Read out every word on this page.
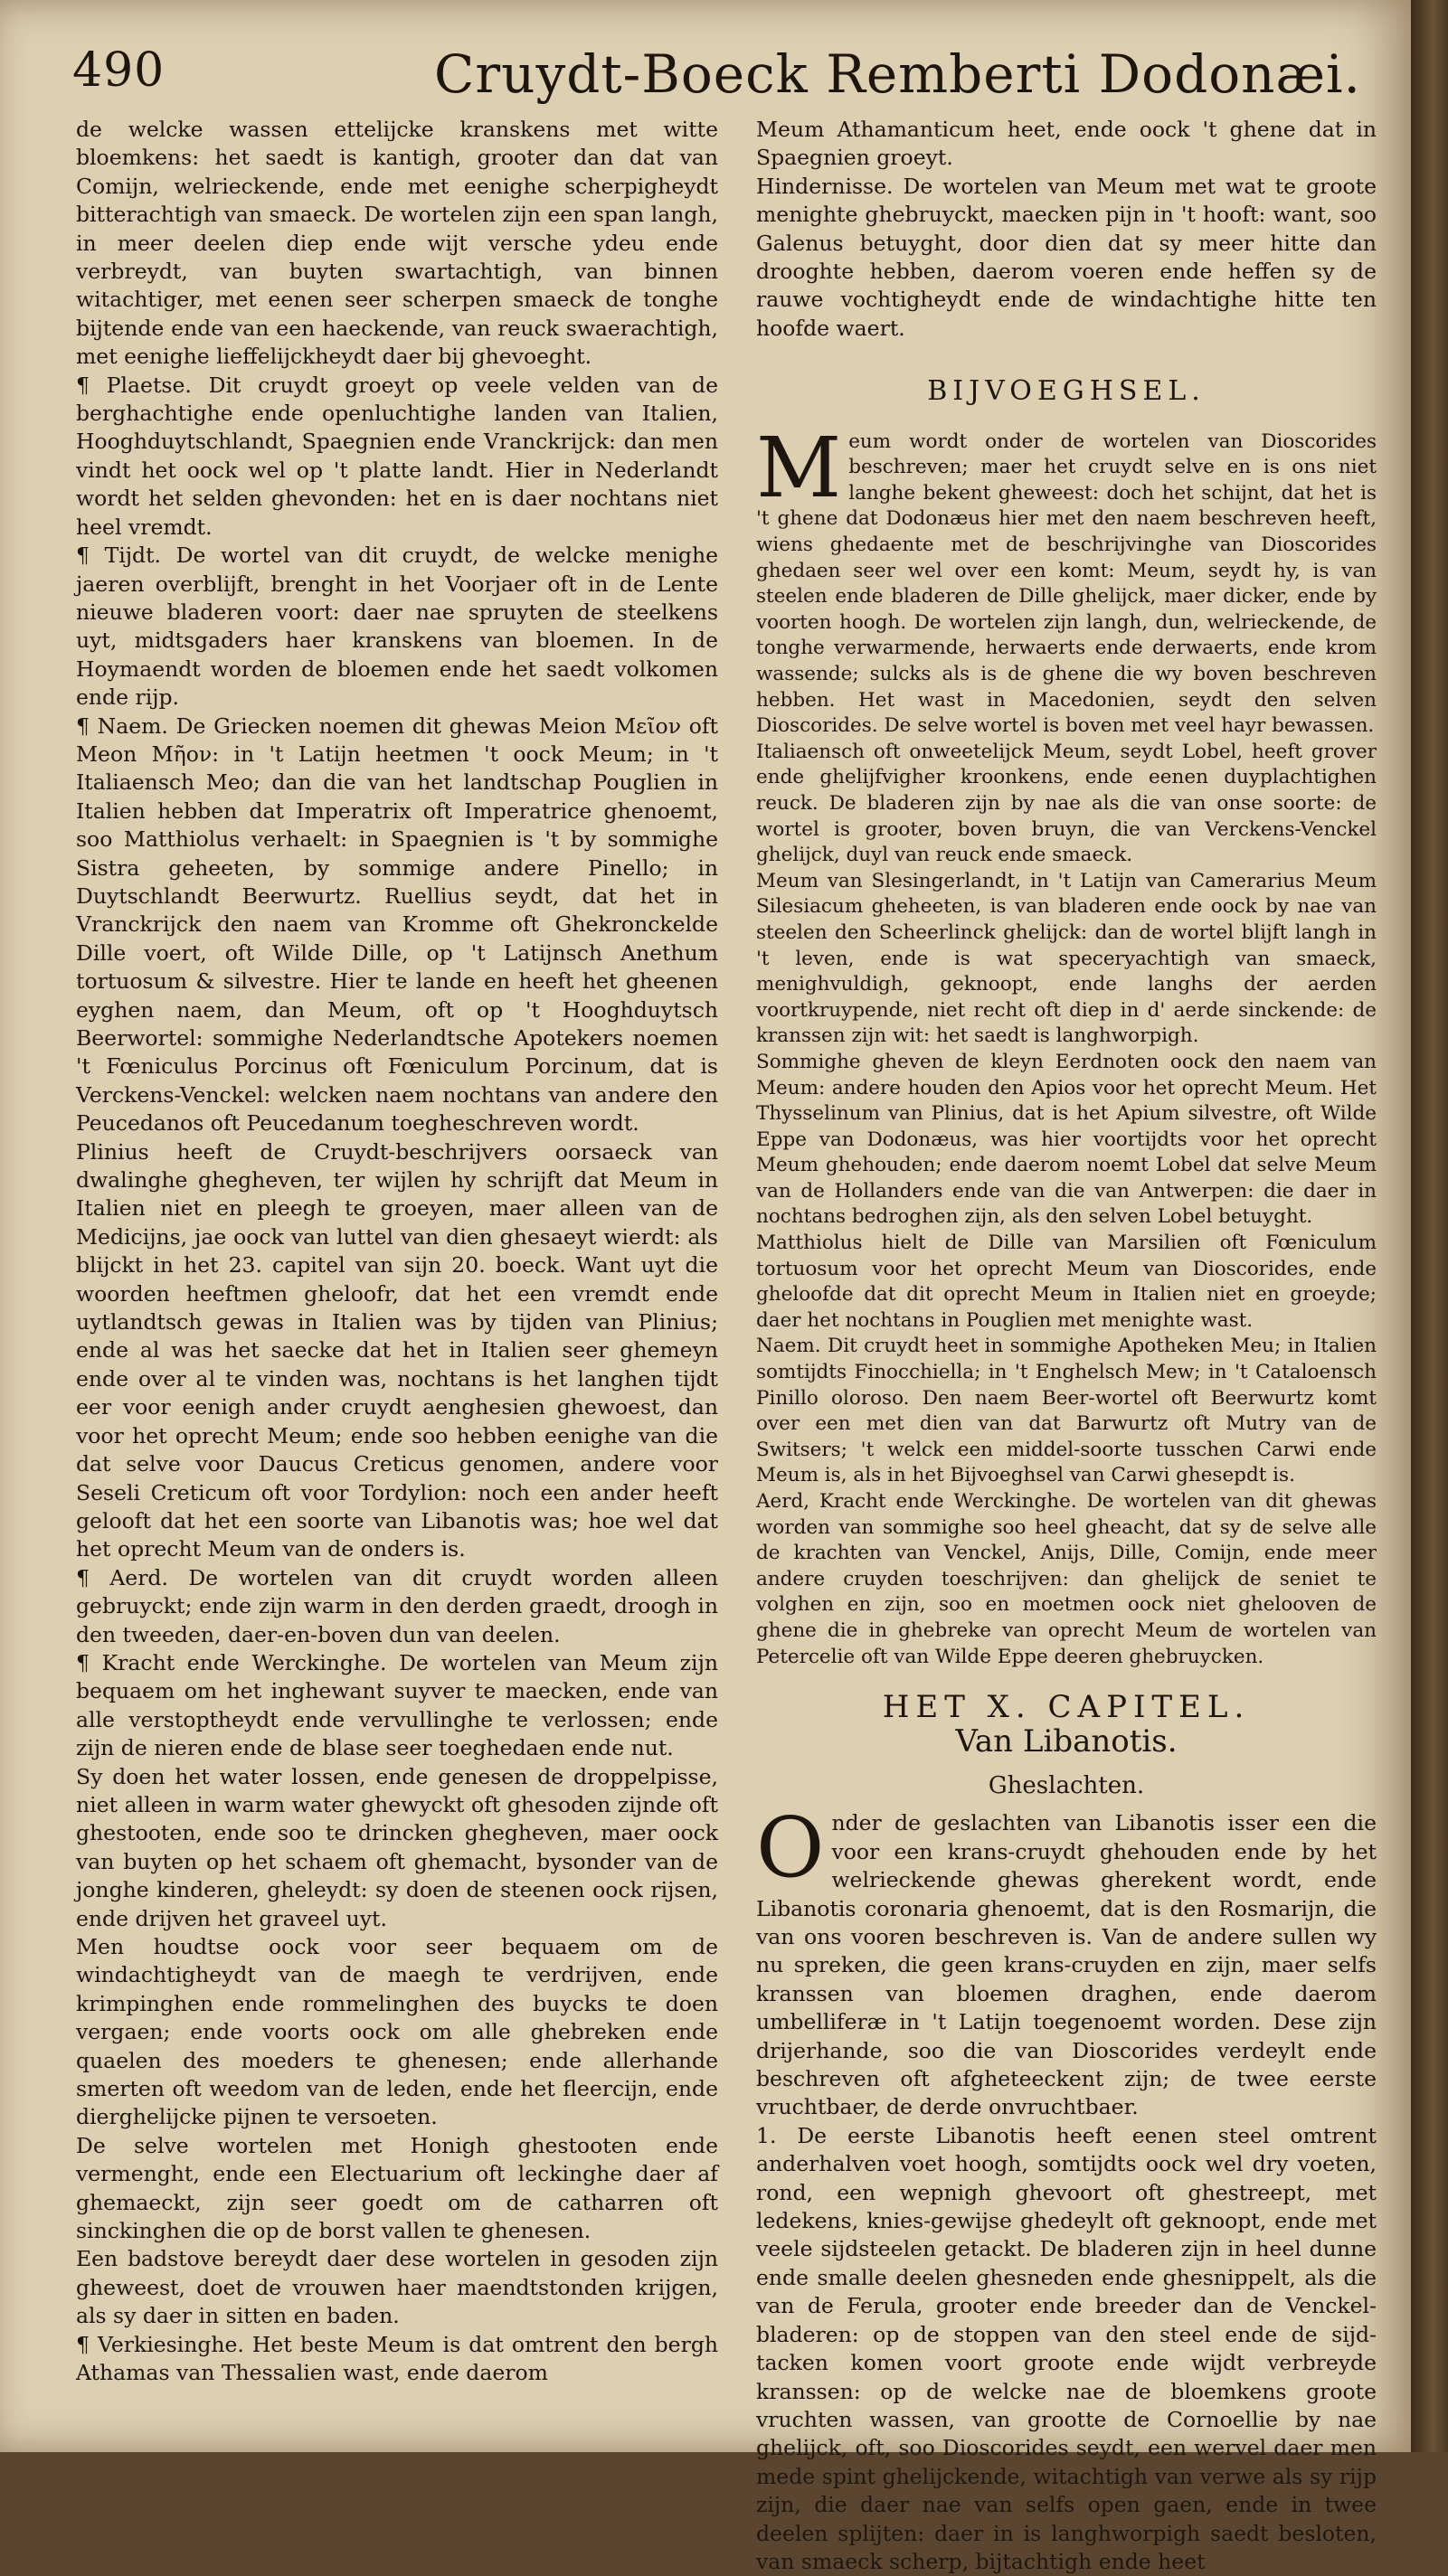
490	Cruydt-Boeck Remberti Dodonæi.

de welcke wassen ettelijcke kranskens met witte bloemkens: het saedt is kantigh, grooter dan dat van Comijn, welrieckende, ende met eenighe scherpigheydt bitterachtigh van smaeck. De wortelen zijn een span langh, in meer deelen diep ende wijt versche ydeu ende verbreydt, van buyten swartachtigh, van binnen witachtiger, met eenen seer scherpen smaeck de tonghe bijtende ende van een haeckende, van reuck swaerachtigh, met eenighe lieffelijckheydt daer bij ghevoeght.

¶ Plaetse. Dit cruydt groeyt op veele velden van de berghachtighe ende openluchtighe landen van Italien, Hooghduytschlandt, Spaegnien ende Vranckrijck: dan men vindt het oock wel op 't platte landt. Hier in Nederlandt wordt het selden ghevonden: het en is daer nochtans niet heel vremdt.

¶ Tijdt. De wortel van dit cruydt, de welcke menighe jaeren overblijft, brenght in het Voorjaer oft in de Lente nieuwe bladeren voort: daer nae spruyten de steelkens uyt, midtsgaders haer kranskens van bloemen. In de Hoymaendt worden de bloemen ende het saedt volkomen ende rijp.

¶ Naem. De Griecken noemen dit ghewas Meion Μεῖον oft Meon Μῆον: in 't Latijn heetmen 't oock Meum; in 't Italiaensch Meo; dan die van het landtschap Pouglien in Italien hebben dat Imperatrix oft Imperatrice ghenoemt, soo Matthiolus verhaelt: in Spaegnien is 't by sommighe Sistra geheeten, by sommige andere Pinello; in Duytschlandt Beerwurtz. Ruellius seydt, dat het in Vranckrijck den naem van Kromme oft Ghekronckelde Dille voert, oft Wilde Dille, op 't Latijnsch Anethum tortuosum & silvestre. Hier te lande en heeft het gheenen eyghen naem, dan Meum, oft op 't Hooghduytsch Beerwortel: sommighe Nederlandtsche Apotekers noemen 't Fœniculus Porcinus oft Fœniculum Porcinum, dat is Verckens-Venckel: welcken naem nochtans van andere den Peucedanos oft Peucedanum toegheschreven wordt.

Plinius heeft de Cruydt-beschrijvers oorsaeck van dwalinghe ghegheven, ter wijlen hy schrijft dat Meum in Italien niet en pleegh te groeyen, maer alleen van de Medicijns, jae oock van luttel van dien ghesaeyt wierdt: als blijckt in het 23. capitel van sijn 20. boeck. Want uyt die woorden heeftmen gheloofr, dat het een vremdt ende uytlandtsch gewas in Italien was by tijden van Plinius; ende al was het saecke dat het in Italien seer ghemeyn ende over al te vinden was, nochtans is het langhen tijdt eer voor eenigh ander cruydt aenghesien ghewoest, dan voor het oprecht Meum; ende soo hebben eenighe van die dat selve voor Daucus Creticus genomen, andere voor Seseli Creticum oft voor Tordylion: noch een ander heeft gelooft dat het een soorte van Libanotis was; hoe wel dat het oprecht Meum van de onders is.

¶ Aerd. De wortelen van dit cruydt worden alleen gebruyckt; ende zijn warm in den derden graedt, droogh in den tweeden, daer-en-boven dun van deelen.

¶ Kracht ende Werckinghe. De wortelen van Meum zijn bequaem om het inghewant suyver te maecken, ende van alle verstoptheydt ende vervullinghe te verlossen; ende zijn de nieren ende de blase seer toeghedaen ende nut.

Sy doen het water lossen, ende genesen de droppelpisse, niet alleen in warm water ghewyckt oft ghesoden zijnde oft ghestooten, ende soo te drincken ghegheven, maer oock van buyten op het schaem oft ghemacht, bysonder van de jonghe kinderen, gheleydt: sy doen de steenen oock rijsen, ende drijven het graveel uyt.

Men houdtse oock voor seer bequaem om de windachtigheydt van de maegh te verdrijven, ende krimpinghen ende rommelinghen des buycks te doen vergaen; ende voorts oock om alle ghebreken ende quaelen des moeders te ghenesen; ende allerhande smerten oft weedom van de leden, ende het fleercijn, ende dierghelijcke pijnen te versoeten.

De selve wortelen met Honigh ghestooten ende vermenght, ende een Electuarium oft leckinghe daer af ghemaeckt, zijn seer goedt om de catharren oft sinckinghen die op de borst vallen te ghenesen.

Een badstove bereydt daer dese wortelen in gesoden zijn gheweest, doet de vrouwen haer maendtstonden krijgen, als sy daer in sitten en baden.

¶ Verkiesinghe. Het beste Meum is dat omtrent den bergh Athamas van Thessalien wast, ende daerom

Meum Athamanticum heet, ende oock 't ghene dat in Spaegnien groeyt.

Hindernisse. De wortelen van Meum met wat te groote menighte ghebruyckt, maecken pijn in 't hooft: want, soo Galenus betuyght, door dien dat sy meer hitte dan drooghte hebben, daerom voeren ende heffen sy de rauwe vochtigheydt ende de windachtighe hitte ten hoofde waert.

BIJVOEGHSEL.

Meum wordt onder de wortelen van Dioscorides beschreven; maer het cruydt selve en is ons niet langhe bekent gheweest: doch het schijnt, dat het is 't ghene dat Dodonæus hier met den naem beschreven heeft, wiens ghedaente met de beschrijvinghe van Dioscorides ghedaen seer wel over een komt: Meum, seydt hy, is van steelen ende bladeren de Dille ghelijck, maer dicker, ende by voorten hoogh. De wortelen zijn langh, dun, welrieckende, de tonghe verwarmende, herwaerts ende derwaerts, ende krom wassende; sulcks als is de ghene die wy boven beschreven hebben. Het wast in Macedonien, seydt den selven Dioscorides. De selve wortel is boven met veel hayr bewassen.

Italiaensch oft onweetelijck Meum, seydt Lobel, heeft grover ende ghelijfvigher kroonkens, ende eenen duyplachtighen reuck. De bladeren zijn by nae als die van onse soorte: de wortel is grooter, boven bruyn, die van Verckens-Venckel ghelijck, duyl van reuck ende smaeck.

Meum van Slesingerlandt, in 't Latijn van Camerarius Meum Silesiacum gheheeten, is van bladeren ende oock by nae van steelen den Scheerlinck ghelijck: dan de wortel blijft langh in 't leven, ende is wat speceryachtigh van smaeck, menighvuldigh, geknoopt, ende langhs der aerden voortkruypende, niet recht oft diep in d' aerde sinckende: de kranssen zijn wit: het saedt is langhworpigh.

Sommighe gheven de kleyn Eerdnoten oock den naem van Meum: andere houden den Apios voor het oprecht Meum. Het Thysselinum van Plinius, dat is het Apium silvestre, oft Wilde Eppe van Dodonæus, was hier voortijdts voor het oprecht Meum ghehouden; ende daerom noemt Lobel dat selve Meum van de Hollanders ende van die van Antwerpen: die daer in nochtans bedroghen zijn, als den selven Lobel betuyght.

Matthiolus hielt de Dille van Marsilien oft Fœniculum tortuosum voor het oprecht Meum van Dioscorides, ende gheloofde dat dit oprecht Meum in Italien niet en groeyde; daer het nochtans in Pouglien met menighte wast.

Naem. Dit cruydt heet in sommighe Apotheken Meu; in Italien somtijdts Finocchiella; in 't Enghelsch Mew; in 't Cataloensch Pinillo oloroso. Den naem Beer-wortel oft Beerwurtz komt over een met dien van dat Barwurtz oft Mutry van de Switsers; 't welck een middel-soorte tusschen Carwi ende Meum is, als in het Bijvoeghsel van Carwi ghesepdt is.

Aerd, Kracht ende Werckinghe. De wortelen van dit ghewas worden van sommighe soo heel gheacht, dat sy de selve alle de krachten van Venckel, Anijs, Dille, Comijn, ende meer andere cruyden toeschrijven: dan ghelijck de seniet te volghen en zijn, soo en moetmen oock niet ghelooven de ghene die in ghebreke van oprecht Meum de wortelen van Petercelie oft van Wilde Eppe deeren ghebruycken.

HET X. CAPITEL.
Van Libanotis.
Gheslachten.

Onder de geslachten van Libanotis isser een die voor een krans-cruydt ghehouden ende by het welrieckende ghewas gherekent wordt, ende Libanotis coronaria ghenoemt, dat is den Rosmarijn, die van ons vooren beschreven is. Van de andere sullen wy nu spreken, die geen krans-cruyden en zijn, maer selfs kranssen van bloemen draghen, ende daerom umbelliferæ in 't Latijn toegenoemt worden. Dese zijn drijerhande, soo die van Dioscorides verdeylt ende beschreven oft afgheteeckent zijn; de twee eerste vruchtbaer, de derde onvruchtbaer.

1. De eerste Libanotis heeft eenen steel omtrent anderhalven voet hoogh, somtijdts oock wel dry voeten, rond, een wepnigh ghevoort oft ghestreept, met ledekens, knies-gewijse ghedeylt oft geknoopt, ende met veele sijdsteelen getackt. De bladeren zijn in heel dunne ende smalle deelen ghesneden ende ghesnippelt, als die van de Ferula, grooter ende breeder dan de Venckel-bladeren: op de stoppen van den steel ende de sijd-tacken komen voort groote ende wijdt verbreyde kranssen: op de welcke nae de bloemkens groote vruchten wassen, van grootte de Cornoellie by nae ghelijck, oft, soo Dioscorides seydt, een wervel daer men mede spint ghelijckende, witachtigh van verwe als sy rijp zijn, die daer nae van selfs open gaen, ende in twee deelen splijten: daer in is langhworpigh saedt besloten, van smaeck scherp, bijtachtigh ende heet
